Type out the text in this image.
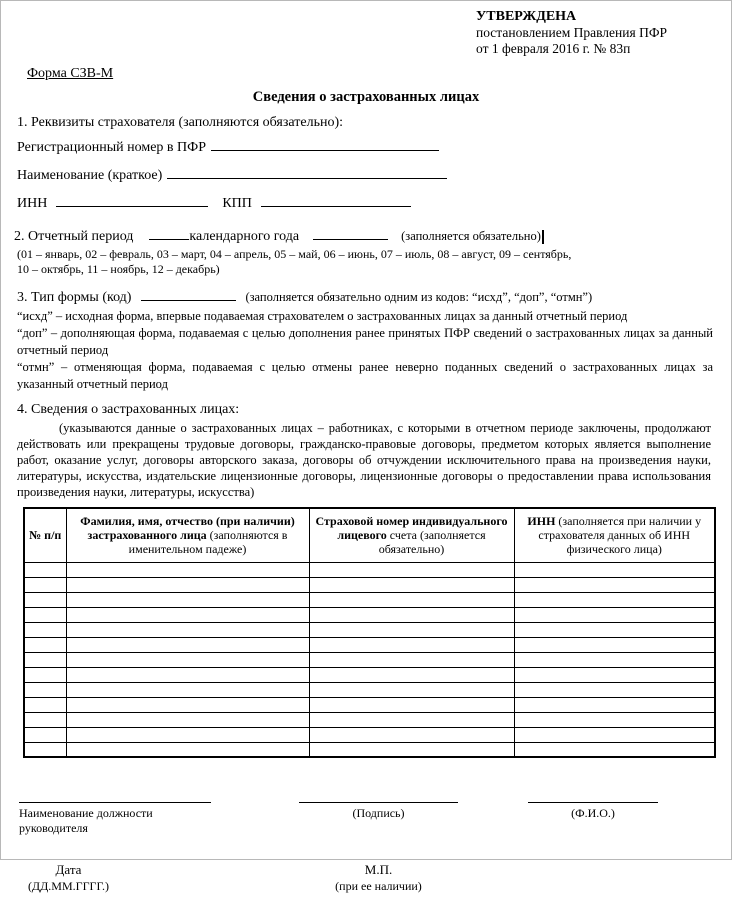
УТВЕРЖДЕНА
постановлением Правления ПФР
от 1 февраля 2016 г. № 83п
Форма СЗВ-М
Сведения о застрахованных лицах
1. Реквизиты страхователя (заполняются обязательно):
Регистрационный номер в ПФР
Наименование (краткое)
ИНН	КПП
2. Отчетный период	календарного года	(заполняется обязательно)
(01 – январь, 02 – февраль, 03 – март, 04 – апрель, 05 – май, 06 – июнь, 07 – июль, 08 – август, 09 – сентябрь,
10 – октябрь, 11 – ноябрь, 12 – декабрь)
3. Тип формы (код)	(заполняется обязательно одним из кодов: “исхд”, “доп”, “отмн”)

“исхд” – исходная форма, впервые подаваемая страхователем о застрахованных лицах за данный отчетный период

“доп” – дополняющая форма, подаваемая с целью дополнения ранее принятых ПФР сведений о застрахованных лицах за данный отчетный период

“отмн” – отменяющая форма, подаваемая с целью отмены ранее неверно поданных сведений о застрахованных лицах за указанный отчетный период

4. Сведения о застрахованных лицах:
(указываются данные о застрахованных лицах – работниках, с которыми в отчетном периоде заключены, продолжают действовать или прекращены трудовые договоры, гражданско-правовые договоры, предметом которых является выполнение работ, оказание услуг, договоры авторского заказа, договоры об отчуждении исключительного права на произведения науки, литературы, искусства, издательские лицензионные договоры, лицензионные договоры о предоставлении права использования произведения науки, литературы, искусства)
№ п/п	Фамилия, имя, отчество (при наличии) застрахованного лица (заполняются в именительном падеже)	Страховой номер индивидуального лицевого счета (заполняется обязательно)	ИНН (заполняется при наличии у страхователя данных об ИНН физического лица)

Наименование должности руководителя
(Подпись)	(Ф.И.О.)
Дата
(ДД.ММ.ГГГГ.)
М.П.
(при ее наличии)
